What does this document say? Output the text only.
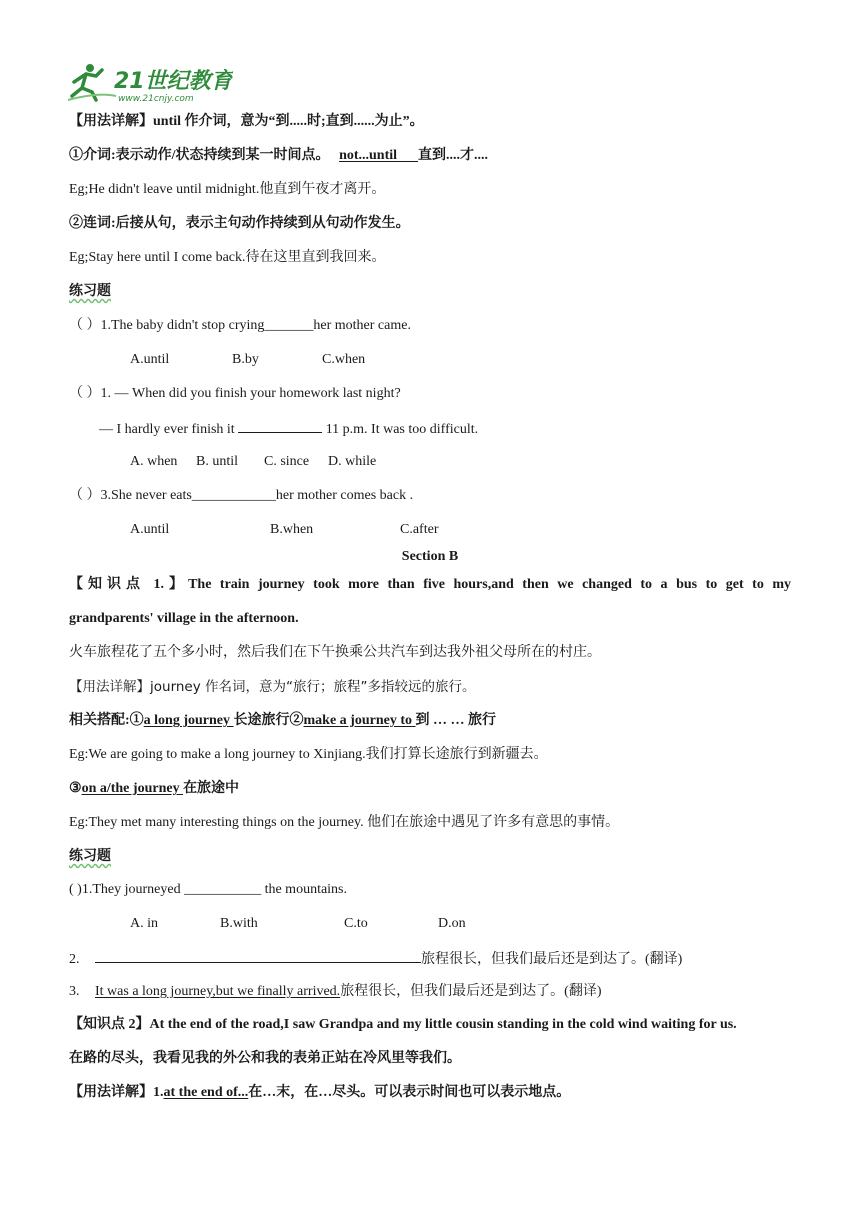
21世纪教育
www.21cnjy.com
【用法详解】until 作介词，意为“到.....时;直到......为止”。
①介词:表示动作/状态持续到某一时间点。 not...until 直到....才....
Eg;He didn't leave until midnight.他直到午夜才离开。
②连词:后接从句，表示主句动作持续到从句动作发生。
Eg;Stay here until I come back.待在这里直到我回来。
练习题
（ ）1.The baby didn't stop crying_______her mother came.
A.until	B.by	C.when
（ ）1. — When did you finish your homework last night?
— I hardly ever finish it	11 p.m. It was too difficult.
A. when B. until C. since D. while
（ ）3.She never eats____________her mother comes back .
A.until	B.when	C.after
Section B
【知识点 1.】The train journey took more than five hours,and then we changed to a bus to get to my
grandparents' village in the afternoon.
火车旅程花了五个多小时，然后我们在下午换乘公共汽车到达我外祖父母所在的村庄。
【用法详解】journey 作名词，意为“旅行；旅程”多指较远的旅行。
相关搭配:①a long journey 长途旅行②make a journey to 到 … … 旅行
Eg:We are going to make a long journey to Xinjiang.我们打算长途旅行到新疆去。
③on a/the journey 在旅途中
Eg:They met many interesting things on the journey. 他们在旅途中遇见了许多有意思的事情。
练习题
( )1.They journeyed ___________ the mountains.
A. in	B.with	C.to	D.on
2.	旅程很长，但我们最后还是到达了。(翻译)
3. It was a long journey,but we finally arrived.旅程很长，但我们最后还是到达了。(翻译)
【知识点 2】At the end of the road,I saw Grandpa and my little cousin standing in the cold wind waiting for us.
在路的尽头，我看见我的外公和我的表弟正站在冷风里等我们。
【用法详解】1.at the end of...在…末，在…尽头。可以表示时间也可以表示地点。
